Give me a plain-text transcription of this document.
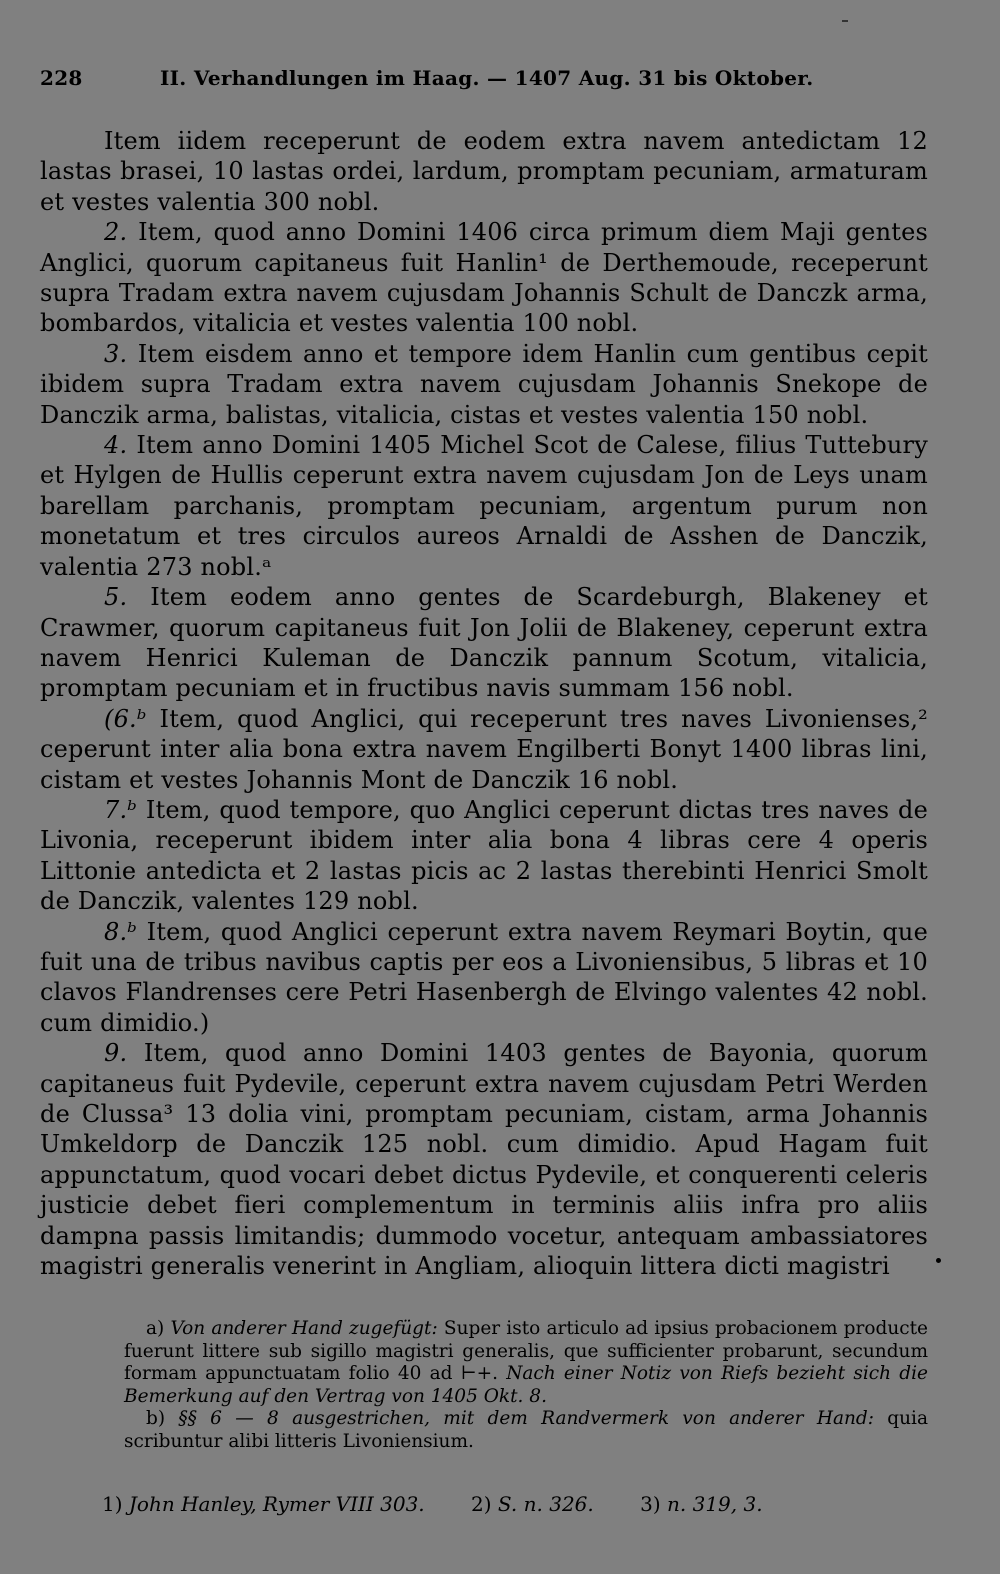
228	II. Verhandlungen im Haag. — 1407 Aug. 31 bis Oktober.

Item iidem receperunt de eodem extra navem antedictam 12 lastas brasei, 10 lastas ordei, lardum, promptam pecuniam, armaturam et vestes valentia 300 nobl.

2. Item, quod anno Domini 1406 circa primum diem Maji gentes Anglici, quorum capitaneus fuit Hanlin¹ de Derthemoude, receperunt supra Tradam extra navem cujusdam Johannis Schult de Danczk arma, bombardos, vitalicia et vestes valentia 100 nobl.

3. Item eisdem anno et tempore idem Hanlin cum gentibus cepit ibidem supra Tradam extra navem cujusdam Johannis Snekope de Danczik arma, balistas, vitalicia, cistas et vestes valentia 150 nobl.

4. Item anno Domini 1405 Michel Scot de Calese, filius Tuttebury et Hylgen de Hullis ceperunt extra navem cujusdam Jon de Leys unam barellam parchanis, promptam pecuniam, argentum purum non monetatum et tres circulos aureos Arnaldi de Asshen de Danczik, valentia 273 nobl.ᵃ

5. Item eodem anno gentes de Scardeburgh, Blakeney et Crawmer, quorum capitaneus fuit Jon Jolii de Blakeney, ceperunt extra navem Henrici Kuleman de Danczik pannum Scotum, vitalicia, promptam pecuniam et in fructibus navis summam 156 nobl.

(6.ᵇ Item, quod Anglici, qui receperunt tres naves Livonienses,² ceperunt inter alia bona extra navem Engilberti Bonyt 1400 libras lini, cistam et vestes Johannis Mont de Danczik 16 nobl.

7.ᵇ Item, quod tempore, quo Anglici ceperunt dictas tres naves de Livonia, receperunt ibidem inter alia bona 4 libras cere 4 operis Littonie antedicta et 2 lastas picis ac 2 lastas therebinti Henrici Smolt de Danczik, valentes 129 nobl.

8.ᵇ Item, quod Anglici ceperunt extra navem Reymari Boytin, que fuit una de tribus navibus captis per eos a Livoniensibus, 5 libras et 10 clavos Flandrenses cere Petri Hasenbergh de Elvingo valentes 42 nobl. cum dimidio.)

9. Item, quod anno Domini 1403 gentes de Bayonia, quorum capitaneus fuit Pydevile, ceperunt extra navem cujusdam Petri Werden de Clussa³ 13 dolia vini, promptam pecuniam, cistam, arma Johannis Umkeldorp de Danczik 125 nobl. cum dimidio. Apud Hagam fuit appunctatum, quod vocari debet dictus Pydevile, et conquerenti celeris justicie debet fieri complementum in terminis aliis infra pro aliis dampna passis limitandis; dummodo vocetur, antequam ambassiatores magistri generalis venerint in Angliam, alioquin littera dicti magistri

a) Von anderer Hand zugefügt: Super isto articulo ad ipsius probacionem producte fuerunt littere sub sigillo magistri generalis, que sufficienter probarunt, secundum formam appunctuatam folio 40 ad ⊢+. Nach einer Notiz von Riefs bezieht sich die Bemerkung auf den Vertrag von 1405 Okt. 8.

b) §§ 6 — 8 ausgestrichen, mit dem Randvermerk von anderer Hand: quia scribuntur alibi litteris Livoniensium.

1) John Hanley, Rymer VIII 303. 2) S. n. 326. 3) n. 319, 3.
